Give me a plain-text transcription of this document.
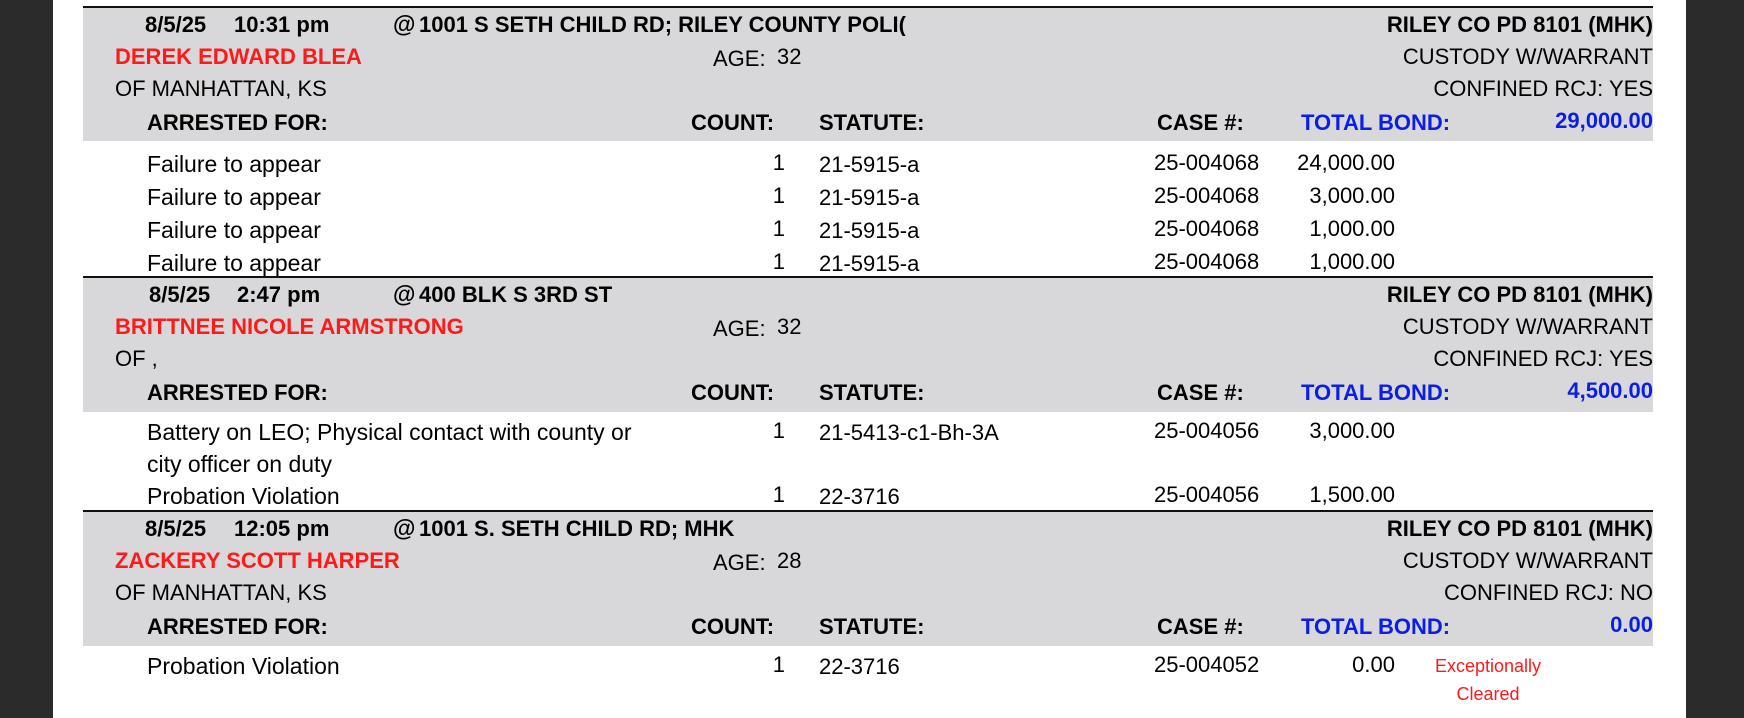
8/5/25 10:31 pm	@ 1001 S SETH CHILD RD; RILEY COUNTY POLI(	RILEY CO PD 8101 (MHK)
DEREK EDWARD BLEA	AGE: 32	CUSTODY W/WARRANT
OF MANHATTAN, KS	CONFINED RCJ: YES
ARRESTED FOR:	COUNT: STATUTE:	CASE #:	TOTAL BOND:	29,000.00
Failure to appear	1 21-5915-a	25-004068	24,000.00
Failure to appear	1 21-5915-a	25-004068	3,000.00
Failure to appear	1 21-5915-a	25-004068	1,000.00
Failure to appear	1 21-5915-a	25-004068	1,000.00
8/5/25 2:47 pm	@ 400 BLK S 3RD ST	RILEY CO PD 8101 (MHK)
BRITTNEE NICOLE ARMSTRONG	AGE: 32	CUSTODY W/WARRANT
OF ,	CONFINED RCJ: YES
ARRESTED FOR:	COUNT: STATUTE:	CASE #:	TOTAL BOND:	4,500.00
Battery on LEO; Physical contact with county or city officer on duty
1 21-5413-c1-Bh-3A	25-004056	3,000.00
Probation Violation	1 22-3716	25-004056	1,500.00
8/5/25 12:05 pm	@ 1001 S. SETH CHILD RD; MHK	RILEY CO PD 8101 (MHK)
ZACKERY SCOTT HARPER	AGE: 28	CUSTODY W/WARRANT
OF MANHATTAN, KS	CONFINED RCJ: NO
ARRESTED FOR:	COUNT: STATUTE:	CASE #:	TOTAL BOND:	0.00
Probation Violation	1 22-3716	25-004052	0.00	Exceptionally Cleared
